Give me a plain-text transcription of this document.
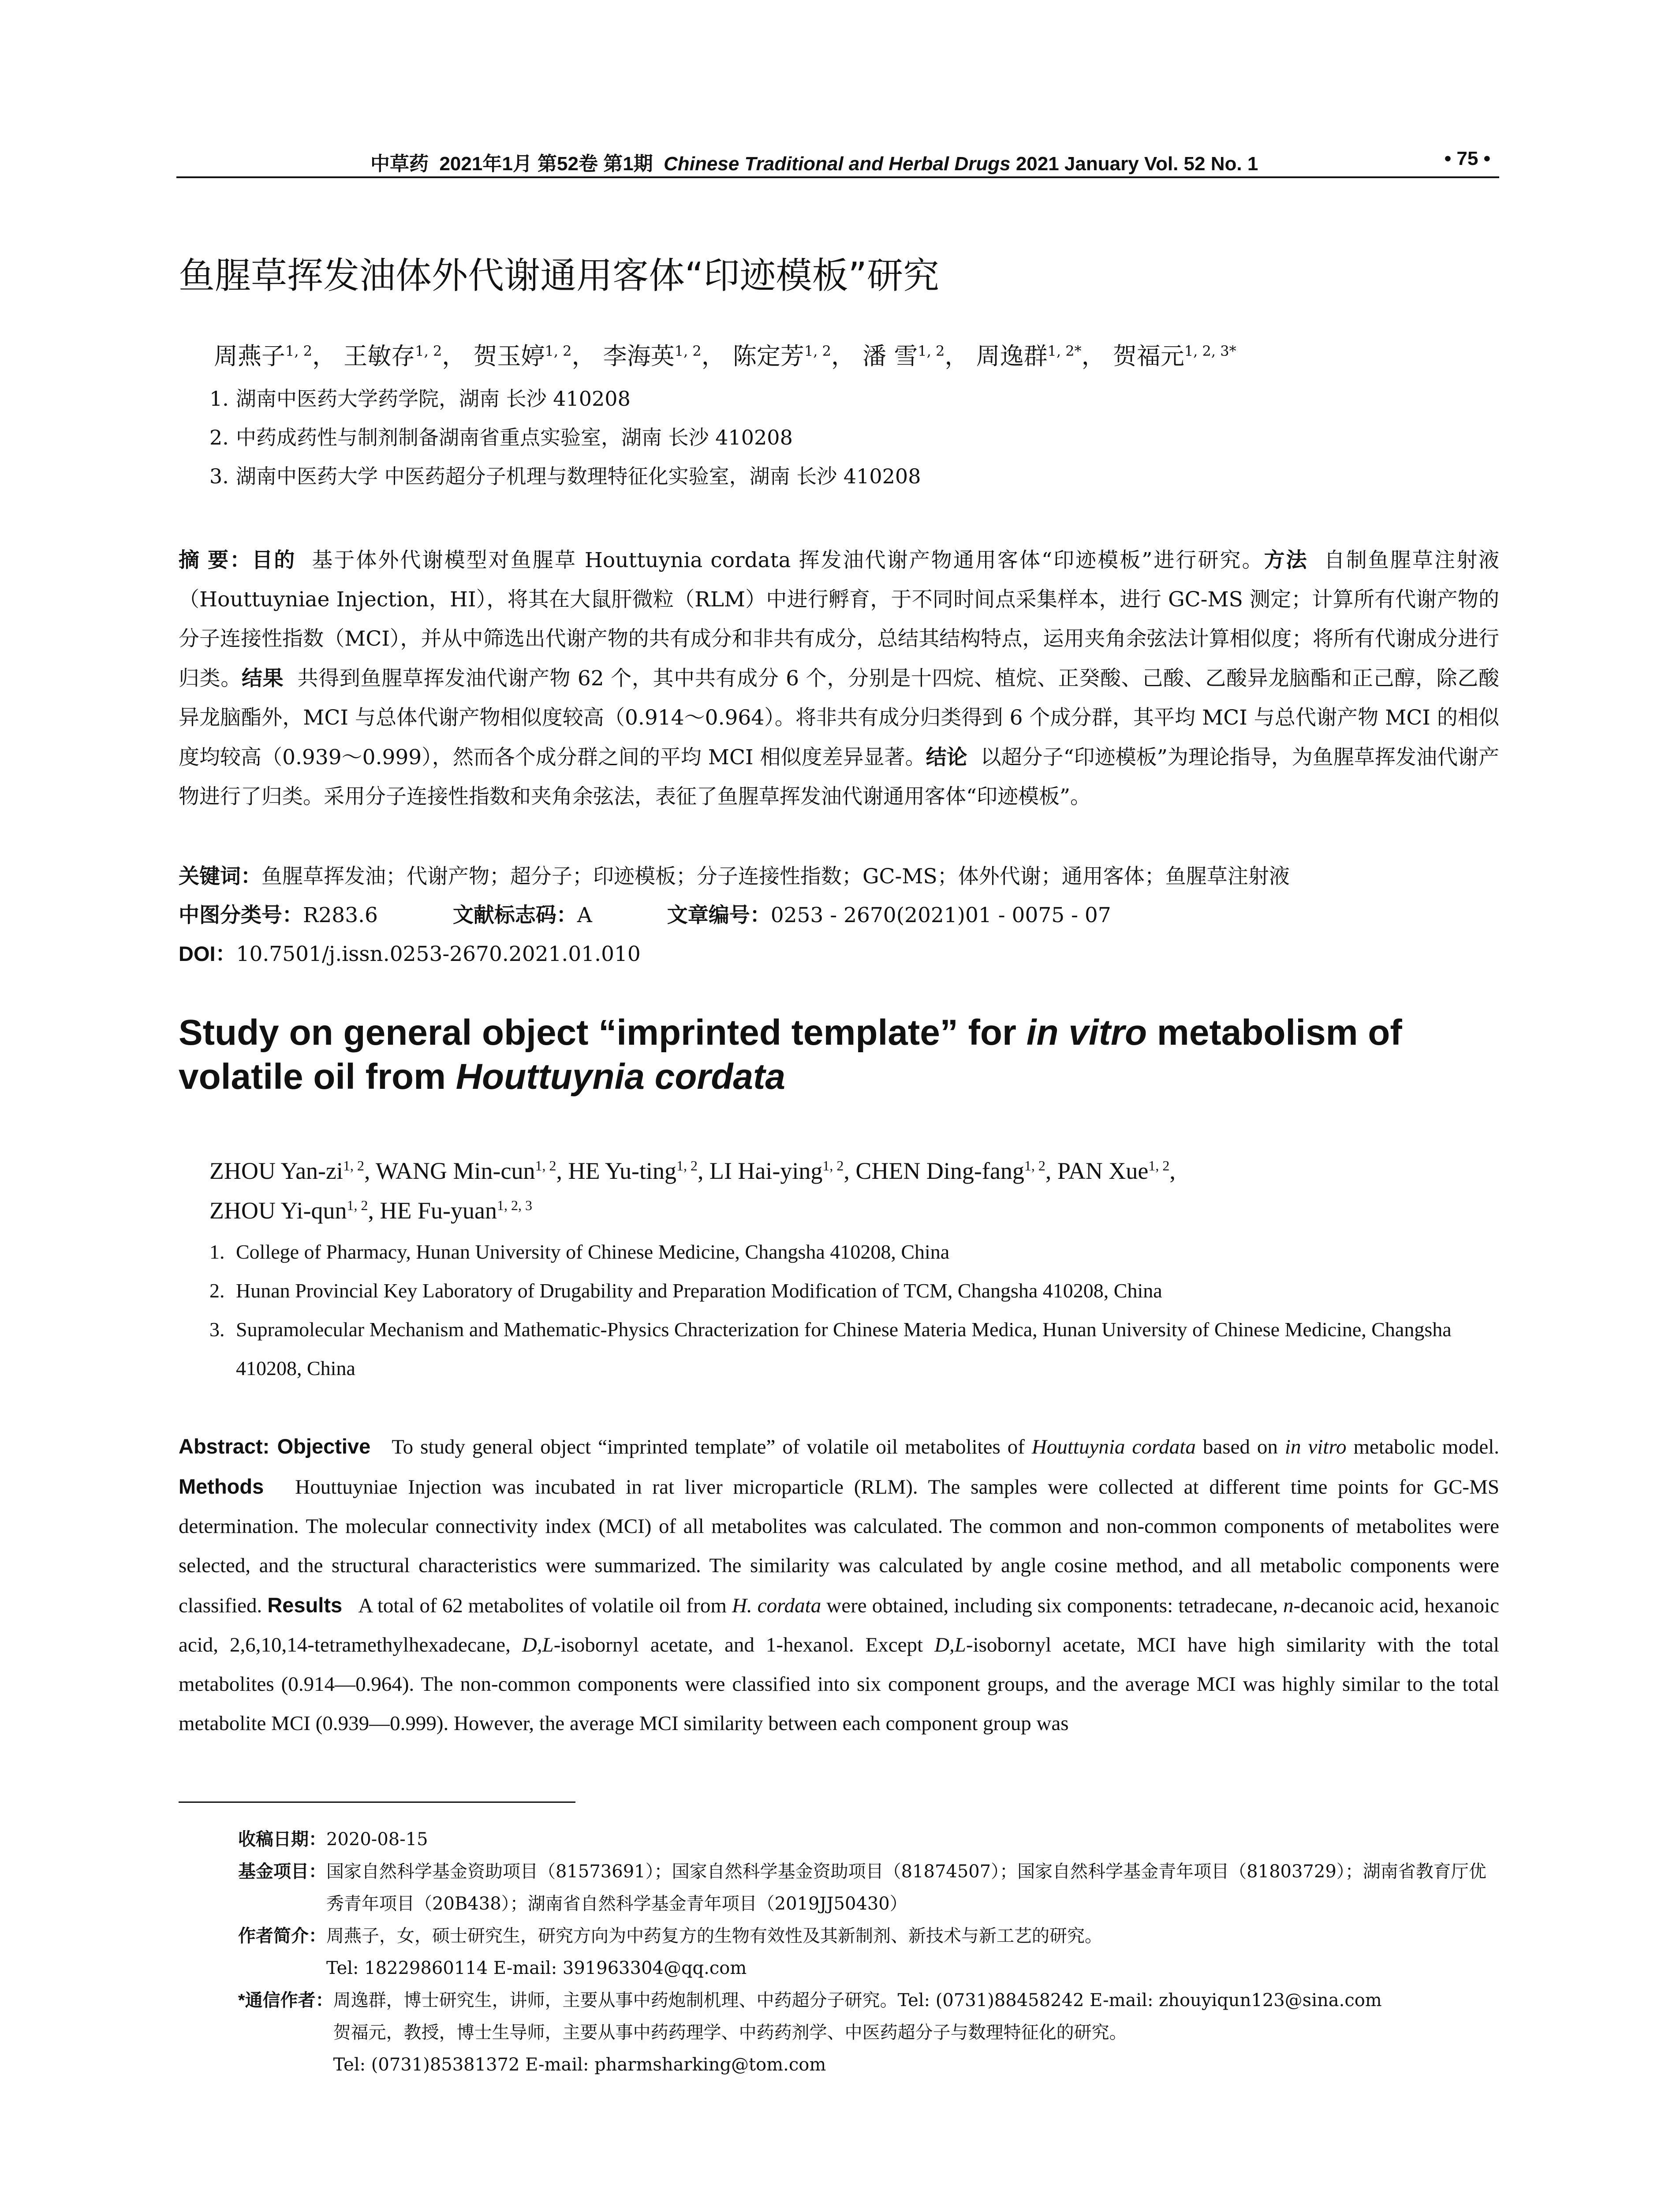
中草药 2021年1月 第52卷 第1期 Chinese Traditional and Herbal Drugs 2021 January Vol. 52 No. 1	• 75 •
鱼腥草挥发油体外代谢通用客体“印迹模板”研究
周燕子$^{1, 2}$， 王敏存$^{1, 2}$， 贺玉婷$^{1, 2}$， 李海英$^{1, 2}$， 陈定芳$^{1, 2}$， 潘 雪$^{1, 2}$， 周逸群$^{1, 2*}$， 贺福元$^{1, 2, 3*}$
1. 湖南中医药大学药学院，湖南 长沙 410208
2. 中药成药性与制剂制备湖南省重点实验室，湖南 长沙 410208
3. 湖南中医药大学 中医药超分子机理与数理特征化实验室，湖南 长沙 410208
摘 要：目的 基于体外代谢模型对鱼腥草 Houttuynia cordata 挥发油代谢产物通用客体“印迹模板”进行研究。方法 自制鱼腥草注射液（Houttuyniae Injection，HI），将其在大鼠肝微粒（RLM）中进行孵育，于不同时间点采集样本，进行 GC-MS 测定；计算所有代谢产物的分子连接性指数（MCI），并从中筛选出代谢产物的共有成分和非共有成分，总结其结构特点，运用夹角余弦法计算相似度；将所有代谢成分进行归类。结果 共得到鱼腥草挥发油代谢产物 62 个，其中共有成分 6 个，分别是十四烷、植烷、正癸酸、己酸、乙酸异龙脑酯和正己醇，除乙酸异龙脑酯外，MCI 与总体代谢产物相似度较高（0.914～0.964）。将非共有成分归类得到 6 个成分群，其平均 MCI 与总代谢产物 MCI 的相似度均较高（0.939～0.999），然而各个成分群之间的平均 MCI 相似度差异显著。结论 以超分子“印迹模板”为理论指导，为鱼腥草挥发油代谢产物进行了归类。采用分子连接性指数和夹角余弦法，表征了鱼腥草挥发油代谢通用客体“印迹模板”。
关键词：鱼腥草挥发油；代谢产物；超分子；印迹模板；分子连接性指数；GC-MS；体外代谢；通用客体；鱼腥草注射液
中图分类号：R283.6	文献标志码：A	文章编号：0253 - 2670(2021)01 - 0075 - 07
DOI：10.7501/j.issn.0253-2670.2021.01.010
Study on general object “imprinted template” for in vitro metabolism of volatile oil from Houttuynia cordata
ZHOU Yan-zi$^{1, 2}$, WANG Min-cun$^{1, 2}$, HE Yu-ting$^{1, 2}$, LI Hai-ying$^{1, 2}$, CHEN Ding-fang$^{1, 2}$, PAN Xue$^{1, 2}$,
ZHOU Yi-qun$^{1, 2}$, HE Fu-yuan$^{1, 2, 3}$
1. College of Pharmacy, Hunan University of Chinese Medicine, Changsha 410208, China
2. Hunan Provincial Key Laboratory of Drugability and Preparation Modification of TCM, Changsha 410208, China
3. Supramolecular Mechanism and Mathematic-Physics Chracterization for Chinese Materia Medica, Hunan University of Chinese Medicine, Changsha 410208, China
Abstract: Objective To study general object “imprinted template” of volatile oil metabolites of Houttuynia cordata based on in vitro metabolic model. Methods Houttuyniae Injection was incubated in rat liver microparticle (RLM). The samples were collected at different time points for GC-MS determination. The molecular connectivity index (MCI) of all metabolites was calculated. The common and non-common components of metabolites were selected, and the structural characteristics were summarized. The similarity was calculated by angle cosine method, and all metabolic components were classified. Results A total of 62 metabolites of volatile oil from H. cordata were obtained, including six components: tetradecane, n-decanoic acid, hexanoic acid, 2,6,10,14-tetramethylhexadecane, D,L-isobornyl acetate, and 1-hexanol. Except D,L-isobornyl acetate, MCI have high similarity with the total metabolites (0.914—0.964). The non-common components were classified into six component groups, and the average MCI was highly similar to the total metabolite MCI (0.939—0.999). However, the average MCI similarity between each component group was
收稿日期： 2020-08-15
基金项目： 国家自然科学基金资助项目（81573691）；国家自然科学基金资助项目（81874507）；国家自然科学基金青年项目（81803729）；湖南省教育厅优秀青年项目（20B438）；湖南省自然科学基金青年项目（2019JJ50430）
作者简介： 周燕子，女，硕士研究生，研究方向为中药复方的生物有效性及其新制剂、新技术与新工艺的研究。
Tel: 18229860114 E-mail: 391963304@qq.com
*通信作者： 周逸群，博士研究生，讲师，主要从事中药炮制机理、中药超分子研究。Tel: (0731)88458242 E-mail: zhouyiqun123@sina.com
贺福元，教授，博士生导师，主要从事中药药理学、中药药剂学、中医药超分子与数理特征化的研究。
Tel: (0731)85381372 E-mail: pharmsharking@tom.com
